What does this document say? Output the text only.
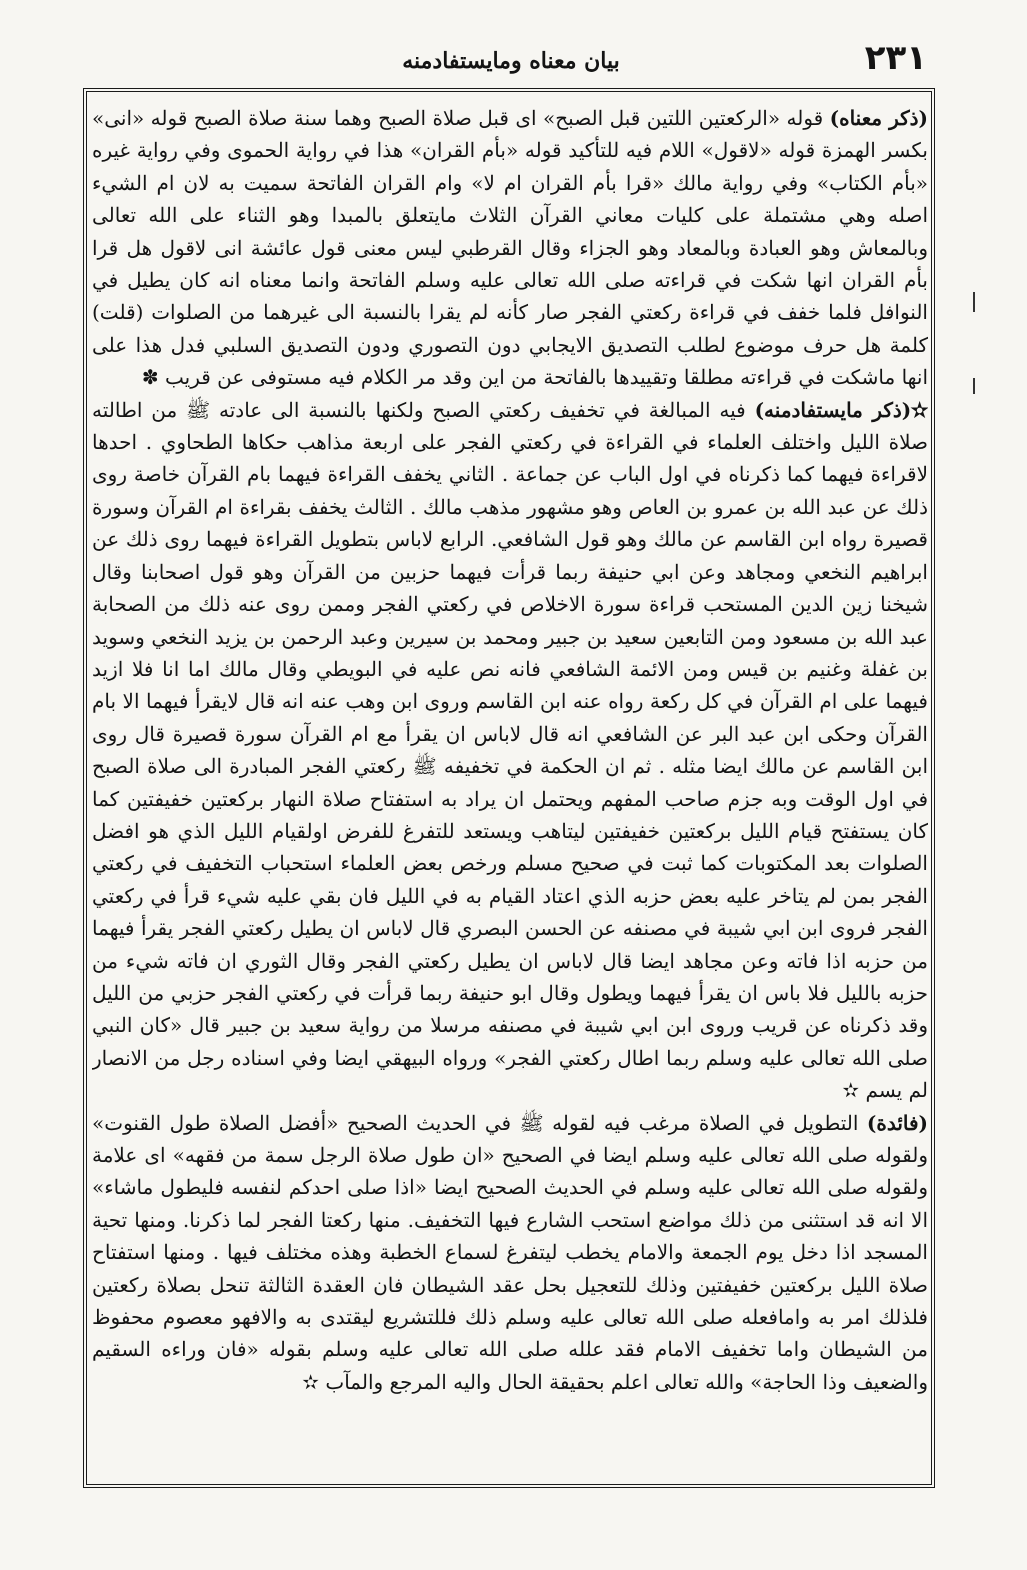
٢٣١
بيان معناه ومايستفادمنه

(ذكر معناه) قوله «الركعتين اللتين قبل الصبح» اى قبل صلاة الصبح وهما سنة صلاة الصبح قوله «انى» بكسر الهمزة قوله «لاقول» اللام فيه للتأكيد قوله «بأم القران» هذا في رواية الحموى وفي رواية غيره «بأم الكتاب» وفي رواية مالك «قرا بأم القران ام لا» وام القران الفاتحة سميت به لان ام الشيء اصله وهي مشتملة على كليات معاني القرآن الثلاث مايتعلق بالمبدا وهو الثناء على الله تعالى وبالمعاش وهو العبادة وبالمعاد وهو الجزاء وقال القرطبي ليس معنى قول عائشة انى لاقول هل قرا بأم القران انها شكت في قراءته صلى الله تعالى عليه وسلم الفاتحة وانما معناه انه كان يطيل في النوافل فلما خفف في قراءة ركعتي الفجر صار كأنه لم يقرا بالنسبة الى غيرهما من الصلوات (قلت) كلمة هل حرف موضوع لطلب التصديق الايجابي دون التصوري ودون التصديق السلبي فدل هذا على انها ماشكت في قراءته مطلقا وتقييدها بالفاتحة من اين وقد مر الكلام فيه مستوفى عن قريب ✽

✫(ذكر مايستفادمنه) فيه المبالغة في تخفيف ركعتي الصبح ولكنها بالنسبة الى عادته ﷺ من اطالته صلاة الليل واختلف العلماء في القراءة في ركعتي الفجر على اربعة مذاهب حكاها الطحاوي . احدها لاقراءة فيهما كما ذكرناه في اول الباب عن جماعة . الثاني يخفف القراءة فيهما بام القرآن خاصة روى ذلك عن عبد الله بن عمرو بن العاص وهو مشهور مذهب مالك . الثالث يخفف بقراءة ام القرآن وسورة قصيرة رواه ابن القاسم عن مالك وهو قول الشافعي. الرابع لاباس بتطويل القراءة فيهما روى ذلك عن ابراهيم النخعي ومجاهد وعن ابي حنيفة ربما قرأت فيهما حزبين من القرآن وهو قول اصحابنا وقال شيخنا زين الدين المستحب قراءة سورة الاخلاص في ركعتي الفجر وممن روى عنه ذلك من الصحابة عبد الله بن مسعود ومن التابعين سعيد بن جبير ومحمد بن سيرين وعبد الرحمن بن يزيد النخعي وسويد بن غفلة وغنيم بن قيس ومن الائمة الشافعي فانه نص عليه في البويطي وقال مالك اما انا فلا ازيد فيهما على ام القرآن في كل ركعة رواه عنه ابن القاسم وروى ابن وهب عنه انه قال لايقرأ فيهما الا بام القرآن وحكى ابن عبد البر عن الشافعي انه قال لاباس ان يقرأ مع ام القرآن سورة قصيرة قال روى ابن القاسم عن مالك ايضا مثله . ثم ان الحكمة في تخفيفه ﷺ ركعتي الفجر المبادرة الى صلاة الصبح في اول الوقت وبه جزم صاحب المفهم ويحتمل ان يراد به استفتاح صلاة النهار بركعتين خفيفتين كما كان يستفتح قيام الليل بركعتين خفيفتين ليتاهب ويستعد للتفرغ للفرض اولقيام الليل الذي هو افضل الصلوات بعد المكتوبات كما ثبت في صحيح مسلم ورخص بعض العلماء استحباب التخفيف في ركعتي الفجر بمن لم يتاخر عليه بعض حزبه الذي اعتاد القيام به في الليل فان بقي عليه شيء قرأ في ركعتي الفجر فروى ابن ابي شيبة في مصنفه عن الحسن البصري قال لاباس ان يطيل ركعتي الفجر يقرأ فيهما من حزبه اذا فاته وعن مجاهد ايضا قال لاباس ان يطيل ركعتي الفجر وقال الثوري ان فاته شيء من حزبه بالليل فلا باس ان يقرأ فيهما ويطول وقال ابو حنيفة ربما قرأت في ركعتي الفجر حزبي من الليل وقد ذكرناه عن قريب وروى ابن ابي شيبة في مصنفه مرسلا من رواية سعيد بن جبير قال «كان النبي صلى الله تعالى عليه وسلم ربما اطال ركعتي الفجر» ورواه البيهقي ايضا وفي اسناده رجل من الانصار لم يسم ✫

(فائدة) التطويل في الصلاة مرغب فيه لقوله ﷺ في الحديث الصحيح «أفضل الصلاة طول القنوت» ولقوله صلى الله تعالى عليه وسلم ايضا في الصحيح «ان طول صلاة الرجل سمة من فقهه» اى علامة ولقوله صلى الله تعالى عليه وسلم في الحديث الصحيح ايضا «اذا صلى احدكم لنفسه فليطول ماشاء» الا انه قد استثنى من ذلك مواضع استحب الشارع فيها التخفيف. منها ركعتا الفجر لما ذكرنا. ومنها تحية المسجد اذا دخل يوم الجمعة والامام يخطب ليتفرغ لسماع الخطبة وهذه مختلف فيها . ومنها استفتاح صلاة الليل بركعتين خفيفتين وذلك للتعجيل بحل عقد الشيطان فان العقدة الثالثة تنحل بصلاة ركعتين فلذلك امر به وامافعله صلى الله تعالى عليه وسلم ذلك فللتشريع ليقتدى به والافهو معصوم محفوظ من الشيطان واما تخفيف الامام فقد علله صلى الله تعالى عليه وسلم بقوله «فان وراءه السقيم والضعيف وذا الحاجة» والله تعالى اعلم بحقيقة الحال واليه المرجع والمآب ✫
